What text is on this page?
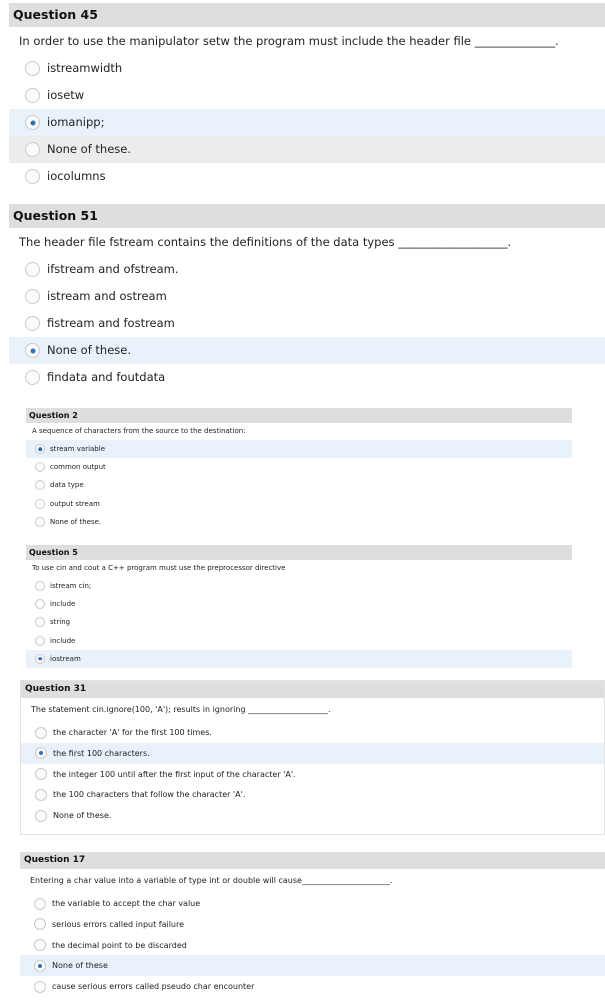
Question 45
In order to use the manipulator setw the program must include the header file ______________.
istreamwidth
iosetw
iomanipp;
None of these.
iocolumns
Question 51
The header file fstream contains the definitions of the data types ___________________.
ifstream and ofstream.
istream and ostream
fistream and fostream
None of these.
findata and foutdata
Question 2
A sequence of characters from the source to the destination:
stream variable
common output
data type
output stream
None of these.
Question 5
To use cin and cout a C++ program must use the preprocessor directive
istream cin;
include
string
include
iostream
Question 31
The statement cin.ignore(100, 'A'); results in ignoring ____________________.
the character 'A' for the first 100 times.
the first 100 characters.
the integer 100 until after the first input of the character 'A'.
the 100 characters that follow the character 'A'.
None of these.
Question 17
Entering a char value into a variable of type int or double will cause______________________.
the variable to accept the char value
serious errors called input failure
the decimal point to be discarded
None of these
cause serious errors called pseudo char encounter
